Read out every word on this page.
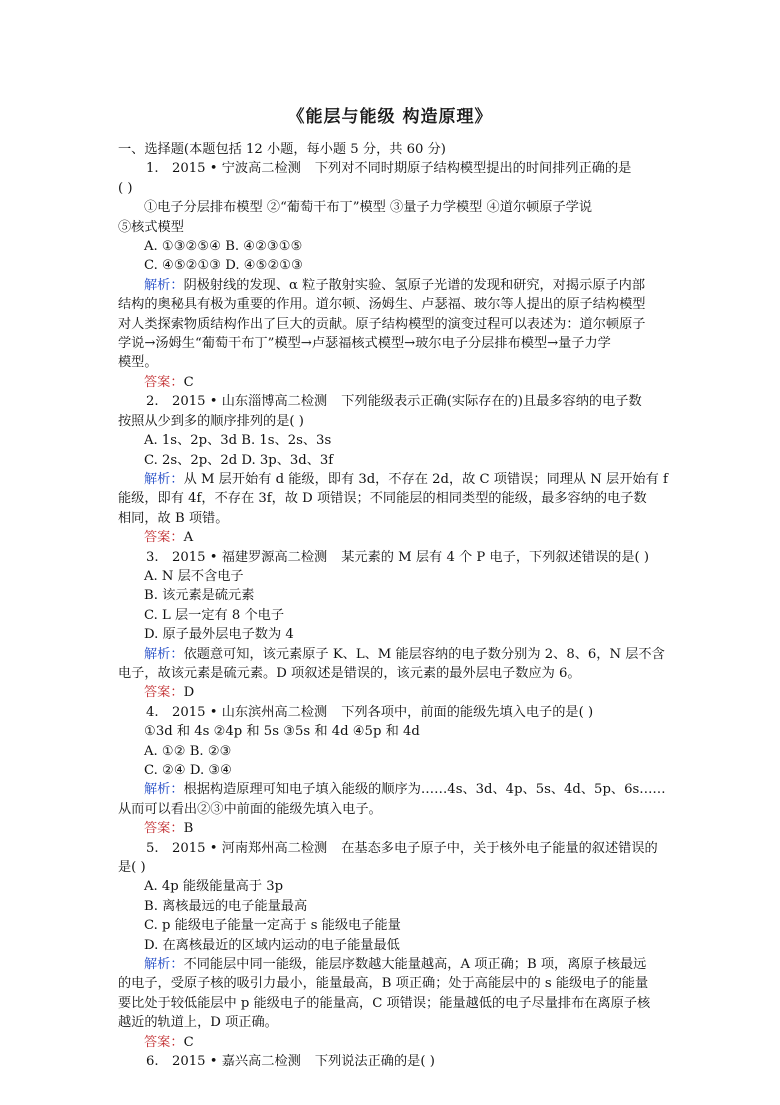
《能层与能级 构造原理》
一、选择题(本题包括 12 小题，每小题 5 分，共 60 分)
1. 2015 • 宁波高二检测 下列对不同时期原子结构模型提出的时间排列正确的是
( )
①电子分层排布模型 ②“葡萄干布丁”模型 ③量子力学模型 ④道尔顿原子学说
⑤核式模型
A. ①③②⑤④ B. ④②③①⑤
C. ④⑤②①③ D. ④⑤②①③
解析：阴极射线的发现、α 粒子散射实验、氢原子光谱的发现和研究，对揭示原子内部
结构的奥秘具有极为重要的作用。道尔顿、汤姆生、卢瑟福、玻尔等人提出的原子结构模型
对人类探索物质结构作出了巨大的贡献。原子结构模型的演变过程可以表述为：道尔顿原子
学说→汤姆生“葡萄干布丁”模型→卢瑟福核式模型→玻尔电子分层排布模型→量子力学
模型。
答案：C
2. 2015 • 山东淄博高二检测 下列能级表示正确(实际存在的)且最多容纳的电子数
按照从少到多的顺序排列的是( )
A. 1s、2p、3d B. 1s、2s、3s
C. 2s、2p、2d D. 3p、3d、3f
解析：从 M 层开始有 d 能级，即有 3d，不存在 2d，故 C 项错误；同理从 N 层开始有 f
能级，即有 4f，不存在 3f，故 D 项错误；不同能层的相同类型的能级，最多容纳的电子数
相同，故 B 项错。
答案：A
3. 2015 • 福建罗源高二检测 某元素的 M 层有 4 个 P 电子，下列叙述错误的是( )
A. N 层不含电子
B. 该元素是硫元素
C. L 层一定有 8 个电子
D. 原子最外层电子数为 4
解析：依题意可知，该元素原子 K、L、M 能层容纳的电子数分别为 2、8、6，N 层不含
电子，故该元素是硫元素。D 项叙述是错误的，该元素的最外层电子数应为 6。
答案：D
4. 2015 • 山东滨州高二检测 下列各项中，前面的能级先填入电子的是( )
①3d 和 4s ②4p 和 5s ③5s 和 4d ④5p 和 4d
A. ①② B. ②③
C. ②④ D. ③④
解析：根据构造原理可知电子填入能级的顺序为……4s、3d、4p、5s、4d、5p、6s……
从而可以看出②③中前面的能级先填入电子。
答案：B
5. 2015 • 河南郑州高二检测 在基态多电子原子中，关于核外电子能量的叙述错误的
是( )
A. 4p 能级能量高于 3p
B. 离核最远的电子能量最高
C. p 能级电子能量一定高于 s 能级电子能量
D. 在离核最近的区域内运动的电子能量最低
解析：不同能层中同一能级，能层序数越大能量越高，A 项正确；B 项，离原子核最远
的电子，受原子核的吸引力最小，能量最高，B 项正确；处于高能层中的 s 能级电子的能量
要比处于较低能层中 p 能级电子的能量高，C 项错误；能量越低的电子尽量排布在离原子核
越近的轨道上，D 项正确。
答案：C
6. 2015 • 嘉兴高二检测 下列说法正确的是( )
